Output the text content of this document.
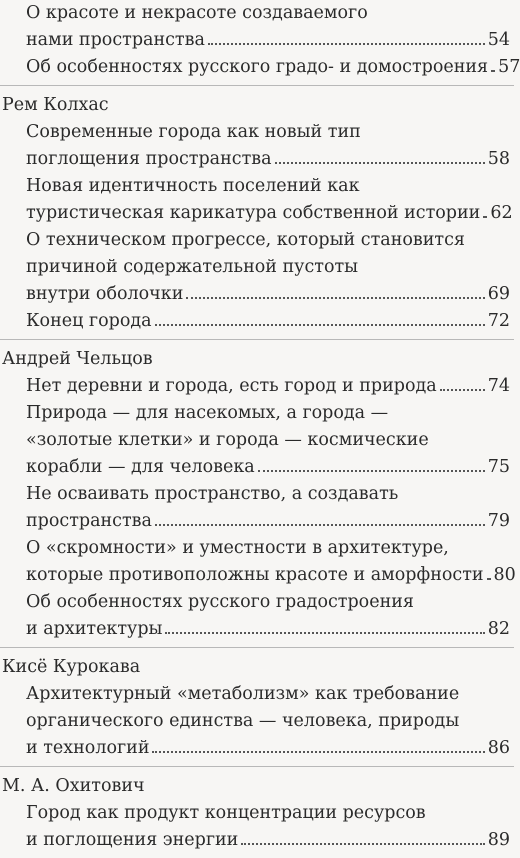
О красоте и некрасоте создаваемого
нами пространства	54
Об особенностях русского градо- и домостроения 57
Рем Колхас
Современные города как новый тип
поглощения пространства	58
Новая идентичность поселений как
туристическая карикатура собственной истории 62
О техническом прогрессе, который становится
причиной содержательной пустоты
внутри оболочки	69
Конец города	72
Андрей Чельцов
Нет деревни и города, есть город и природа	74
Природа — для насекомых, а города —
«золотые клетки» и города — космические
корабли — для человека	75
Не осваивать пространство, а создавать
пространства	79
О «скромности» и уместности в архитектуре,
которые противоположны красоте и аморфности 80
Об особенностях русского градостроения
и архитектуры	82
Кисё Курокава
Архитектурный «метаболизм» как требование
органического единства — человека, природы
и технологий	86
М. А. Охитович
Город как продукт концентрации ресурсов
и поглощения энергии	89
